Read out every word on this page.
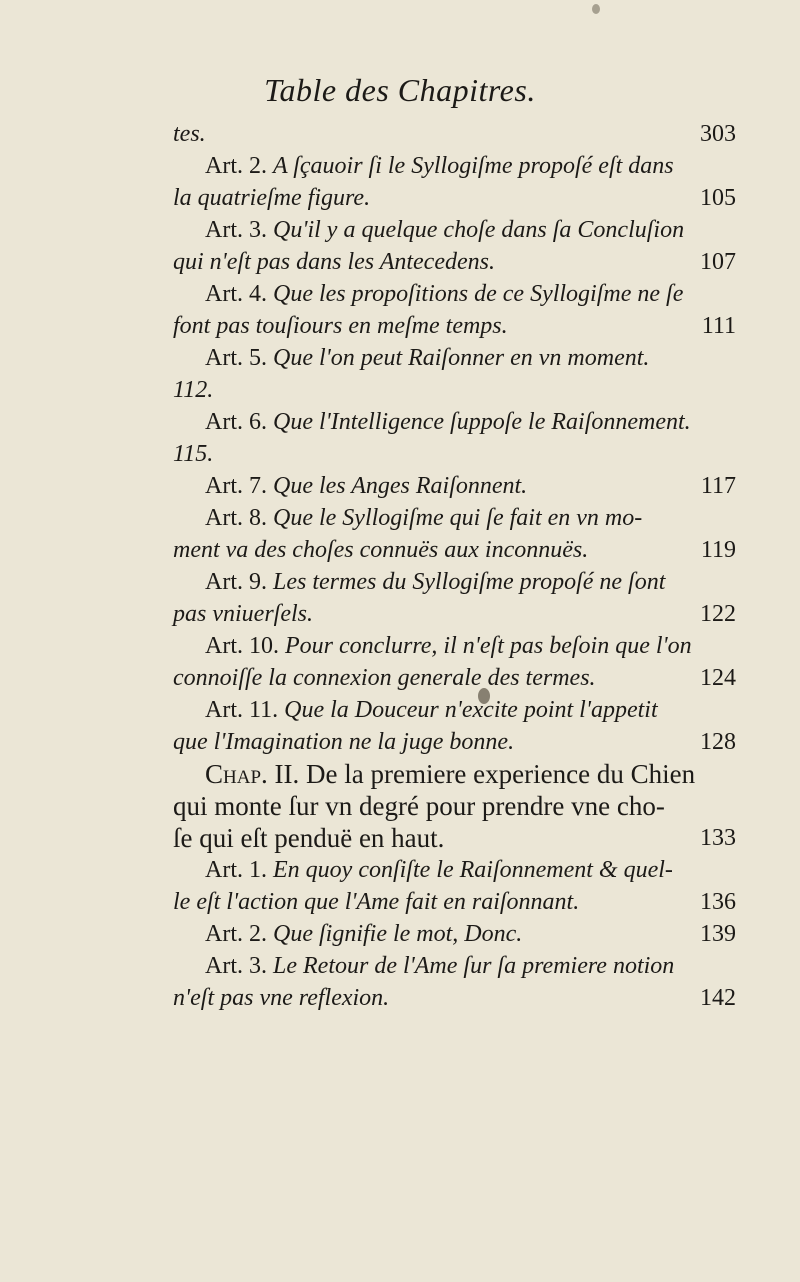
Table des Chapitres.
tes.	303
Art. 2. A ſçauoir ſi le Syllogiſme propoſé eſt dans
la quatrieſme figure.	105
Art. 3. Qu'il y a quelque choſe dans ſa Concluſion
qui n'eſt pas dans les Antecedens.	107
Art. 4. Que les propoſitions de ce Syllogiſme ne ſe
font pas touſiours en meſme temps.	111
Art. 5. Que l'on peut Raiſonner en vn moment.
112.
Art. 6. Que l'Intelligence ſuppoſe le Raiſonnement.
115.
Art. 7. Que les Anges Raiſonnent.	117
Art. 8. Que le Syllogiſme qui ſe fait en vn mo-
ment va des choſes connuës aux inconnuës.	119
Art. 9. Les termes du Syllogiſme propoſé ne ſont
pas vniuerſels.	122
Art. 10. Pour conclurre, il n'eſt pas beſoin que l'on
connoiſſe la connexion generale des termes.	124
Art. 11. Que la Douceur n'excite point l'appetit
que l'Imagination ne la juge bonne.	128
Chap. II. De la premiere experience du Chien
qui monte ſur vn degré pour prendre vne cho-
ſe qui eſt penduë en haut.	133
Art. 1. En quoy conſiſte le Raiſonnement & quel-
le eſt l'action que l'Ame fait en raiſonnant.	136
Art. 2. Que ſignifie le mot, Donc.	139
Art. 3. Le Retour de l'Ame ſur ſa premiere notion
n'eſt pas vne reflexion.	142
